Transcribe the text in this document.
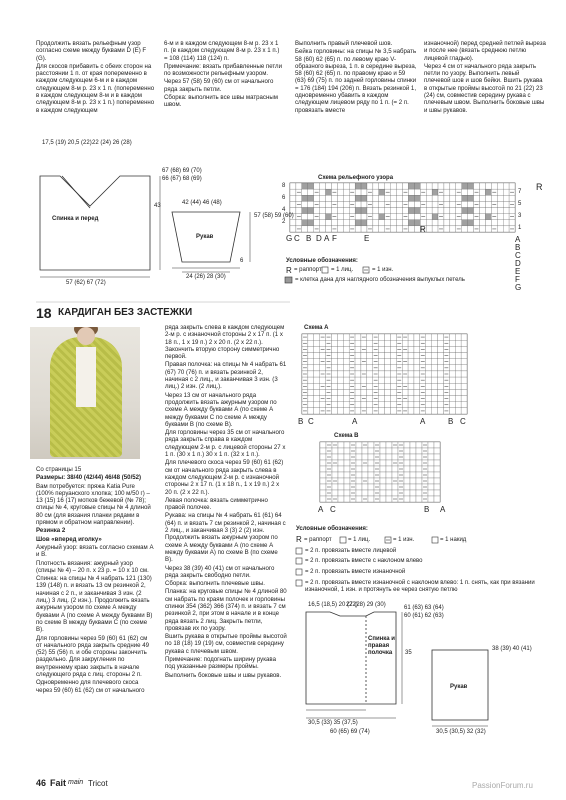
Продолжить вязать рельефным узор согласно схеме между буквами D (E) F (G).

Для скосов прибавить с обеих сторон на расстоянии 1 п. от края попеременно в каждом следующем 6-м и в каждом следующем 8-м р. 23 х 1 п. (попеременно в каждом следующем 8-м и в каждом следующем 8-м р. 23 х 1 п.) попеременно в каждом следующем

6-м и в каждом следующем 8-м р. 23 х 1 п. (в каждом следующем 8-м р. 23 х 1 п.) = 108 (114) 118 (124) п.

Примечание: вязать прибавленные петли по возможности рельефным узором.

Через 57 (58) 59 (60) см от начального ряда закрыть петли.

Сборка: выполнить все швы матрасным швом.

Выполнить правый плечевой шов.

Бейка горловины: на спицы № 3,5 набрать 58 (60) 62 (65) п. по левому краю V-образного выреза, 1 п. в середине выреза, 58 (60) 62 (65) п. по правому краю и 59 (63) 69 (75) п. по задней горловины спинки = 176 (184) 194 (206) п. Вязать резинкой 1, одновременно убавить в каждом следующем лицевом ряду по 1 п. (= 2 п. провязать вместе

изнаночной) перед средней петлей выреза и после нее (вязать среднюю петлю лицевой гладью).

Через 4 см от начального ряда закрыть петли по узору. Выполнить левый плечевой шов и шов бейки. Вшить рукава в открытые проймы высотой по 21 (22) 23 (24) см, совместив середину рукава с плечевым швом. Выполнить боковые швы и швы рукавов.

17,5 (19) 20,5 (22) 22 (24) 26 (28)
67 (68) 69 (70)
66 (67) 68 (69)
43
Спинка и перед
57 (62) 67 (72)
42 (44) 46 (48)
57 (58) 59 (60)
6
Рукав
24 (26) 28 (30)
Схема рельефного узора
8
6
4
2
7
5
3
1
R
R
G C B D A F	E	A
B
C
D
E
F
G
Условные обозначения:
R = раппорт = 1 лиц.	= 1 изн.
= клетка дана для наглядного обозначения выпуклых петель
18 КАРДИГАН БЕЗ ЗАСТЕЖКИ

Со страницы 15

Размеры: 38/40 (42/44) 46/48 (50/52)

Вам потребуется: пряжа Katia Pure (100% перуанского хлопка; 100 м/50 г) – 13 (15) 16 (17) мотков бежевой (№ 78); спицы № 4, круговые спицы № 4 длиной 80 см (для вязания планки рядами в прямом и обратном направлении).

Резинка 2

Шов «вперед иголку»

Ажурный узор: вязать согласно схемам А и В.

Плотность вязания: ажурный узор (спицы № 4) – 20 п. х 23 р. = 10 х 10 см.

Спинка: на спицы № 4 набрать 121 (130) 139 (148) п. и вязать 13 см резинкой 2, начиная с 2 п., и заканчивая 3 изн. (2 лиц.) 3 лиц. (2 изн.). Продолжить вязать ажурным узором по схеме А между буквами А (по схеме А между буквами В) по схеме В между буквами С (по схеме В).

Для горловины через 59 (60) 61 (62) см от начального ряда закрыть средние 49 (52) 55 (56) п. и обе стороны закончить раздельно. Для закругления по внутреннему краю закрыть в начале следующего ряда с лиц. стороны 2 п.

Одновременно для плечевого скоса через 59 (60) 61 (62) см от начального

ряда закрыть слева в каждом следующем 2-м р. с изнаночной стороны 2 х 17 п. (1 х 18 п., 1 х 19 п.) 2 х 20 п. (2 х 22 п.). Закончить вторую сторону симметрично первой.

Правая полочка: на спицы № 4 набрать 61 (67) 70 (76) п. и вязать резинкой 2, начиная с 2 лиц., и заканчивая 3 изн. (3 лиц.) 2 изн. (2 лиц.).

Через 13 см от начального ряда продолжить вязать ажурным узором по схеме А между буквами А (по схеме А между буквами С по схеме А между буквами В (по схеме В).

Для горловины через 35 см от начального ряда закрыть справа в каждом следующем 2-м р. с лицевой стороны 27 х 1 п. (30 х 1 п.) 30 х 1 п. (32 х 1 п.).

Для плечевого скоса через 59 (60) 61 (62) см от начального ряда закрыть слева в каждом следующем 2-м р. с изнаночной стороны 2 х 17 п. (1 х 18 п., 1 х 19 п.) 2 х 20 п. (2 х 22 п.).

Левая полочка: вязать симметрично правой полочке.

Рукава: на спицы № 4 набрать 61 (61) 64 (64) п. и вязать 7 см резинкой 2, начиная с 2 лиц., и заканчивая 3 (3) 2 (2) изн. Продолжить вязать ажурным узором по схеме А между буквами А (по схеме А между буквами А) по схеме В (по схеме В).

Через 38 (39) 40 (41) см от начального ряда закрыть свободно петли.

Сборка: выполнить плечевые швы.

Планка: на круговые спицы № 4 длиной 80 см набрать по краям полочек и горловины спинки 354 (362) 366 (374) п. и вязать 7 см резинкой 2, при этом в начале и в конце ряда вязать 2 лиц. Закрыть петли, провязав их по узору.

Вшить рукава в открытые проймы высотой по 18 (18) 19 (19) см, совместив середину рукава с плечевым швом.

Примечание: подогнать ширину рукава под указанные размеры проймы.

Выполнить боковые швы и швы рукавов.

Схема А
B C	A	A	B C
Схема В
A C	B A
Условные обозначения:
R = раппорт	= 1 лиц.	= 1 изн.	= 1 накид
= 2 п. провязать вместе лицевой
= 2 п. провязать вместе с наклоном влево
= 2 п. провязать вместе изнаночной
= 2 п. провязать вместе изнаночной с наклоном влево: 1 п. снять, как при вязании изнаночной, 1 изн. и протянуть ее через снятую петлю
16,5 (18,5) 20 (22)
27 (28) 29 (30)	61 (63) 63 (64)
60 (61) 62 (63)
35
Спинка и правая полочка
30,5 (33) 35 (37,5)
60 (65) 69 (74)
Рукав
38 (39) 40 (41)
30,5 (30,5) 32 (32)
46 Fait main Tricot	PassionForum.ru
